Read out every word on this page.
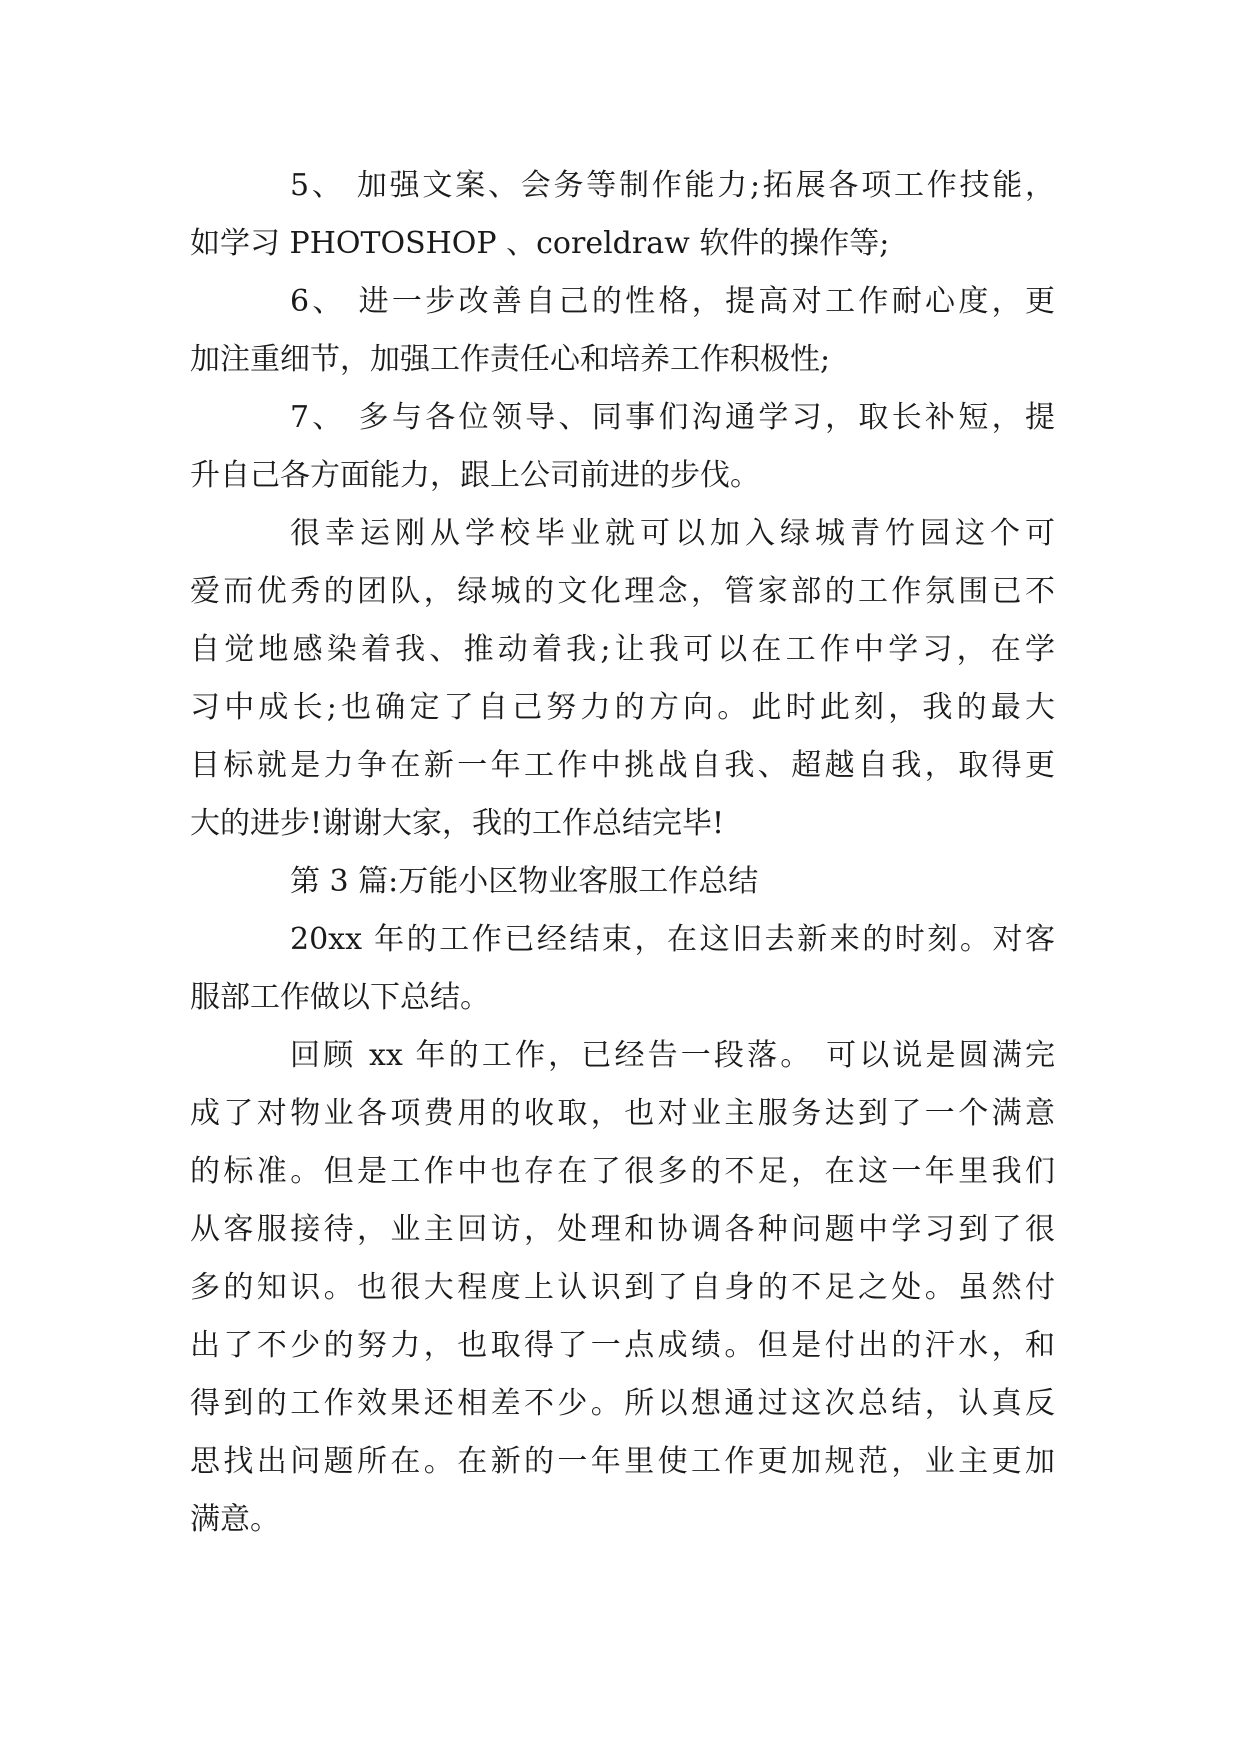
5、 加强文案、会务等制作能力;拓展各项工作技能，
如学习 PHOTOSHOP 、coreldraw 软件的操作等;
6、 进一步改善自己的性格，提高对工作耐心度，更
加注重细节，加强工作责任心和培养工作积极性;
7、 多与各位领导、同事们沟通学习，取长补短，提
升自己各方面能力，跟上公司前进的步伐。
很幸运刚从学校毕业就可以加入绿城青竹园这个可
爱而优秀的团队，绿城的文化理念，管家部的工作氛围已不
自觉地感染着我、推动着我;让我可以在工作中学习，在学
习中成长;也确定了自己努力的方向。此时此刻，我的最大
目标就是力争在新一年工作中挑战自我、超越自我，取得更
大的进步!谢谢大家，我的工作总结完毕!
第 3 篇:万能小区物业客服工作总结
20xx 年的工作已经结束，在这旧去新来的时刻。对客
服部工作做以下总结。
回顾 xx 年的工作，已经告一段落。 可以说是圆满完
成了对物业各项费用的收取，也对业主服务达到了一个满意
的标准。但是工作中也存在了很多的不足，在这一年里我们
从客服接待，业主回访，处理和协调各种问题中学习到了很
多的知识。也很大程度上认识到了自身的不足之处。虽然付
出了不少的努力，也取得了一点成绩。但是付出的汗水，和
得到的工作效果还相差不少。所以想通过这次总结，认真反
思找出问题所在。在新的一年里使工作更加规范，业主更加
满意。
